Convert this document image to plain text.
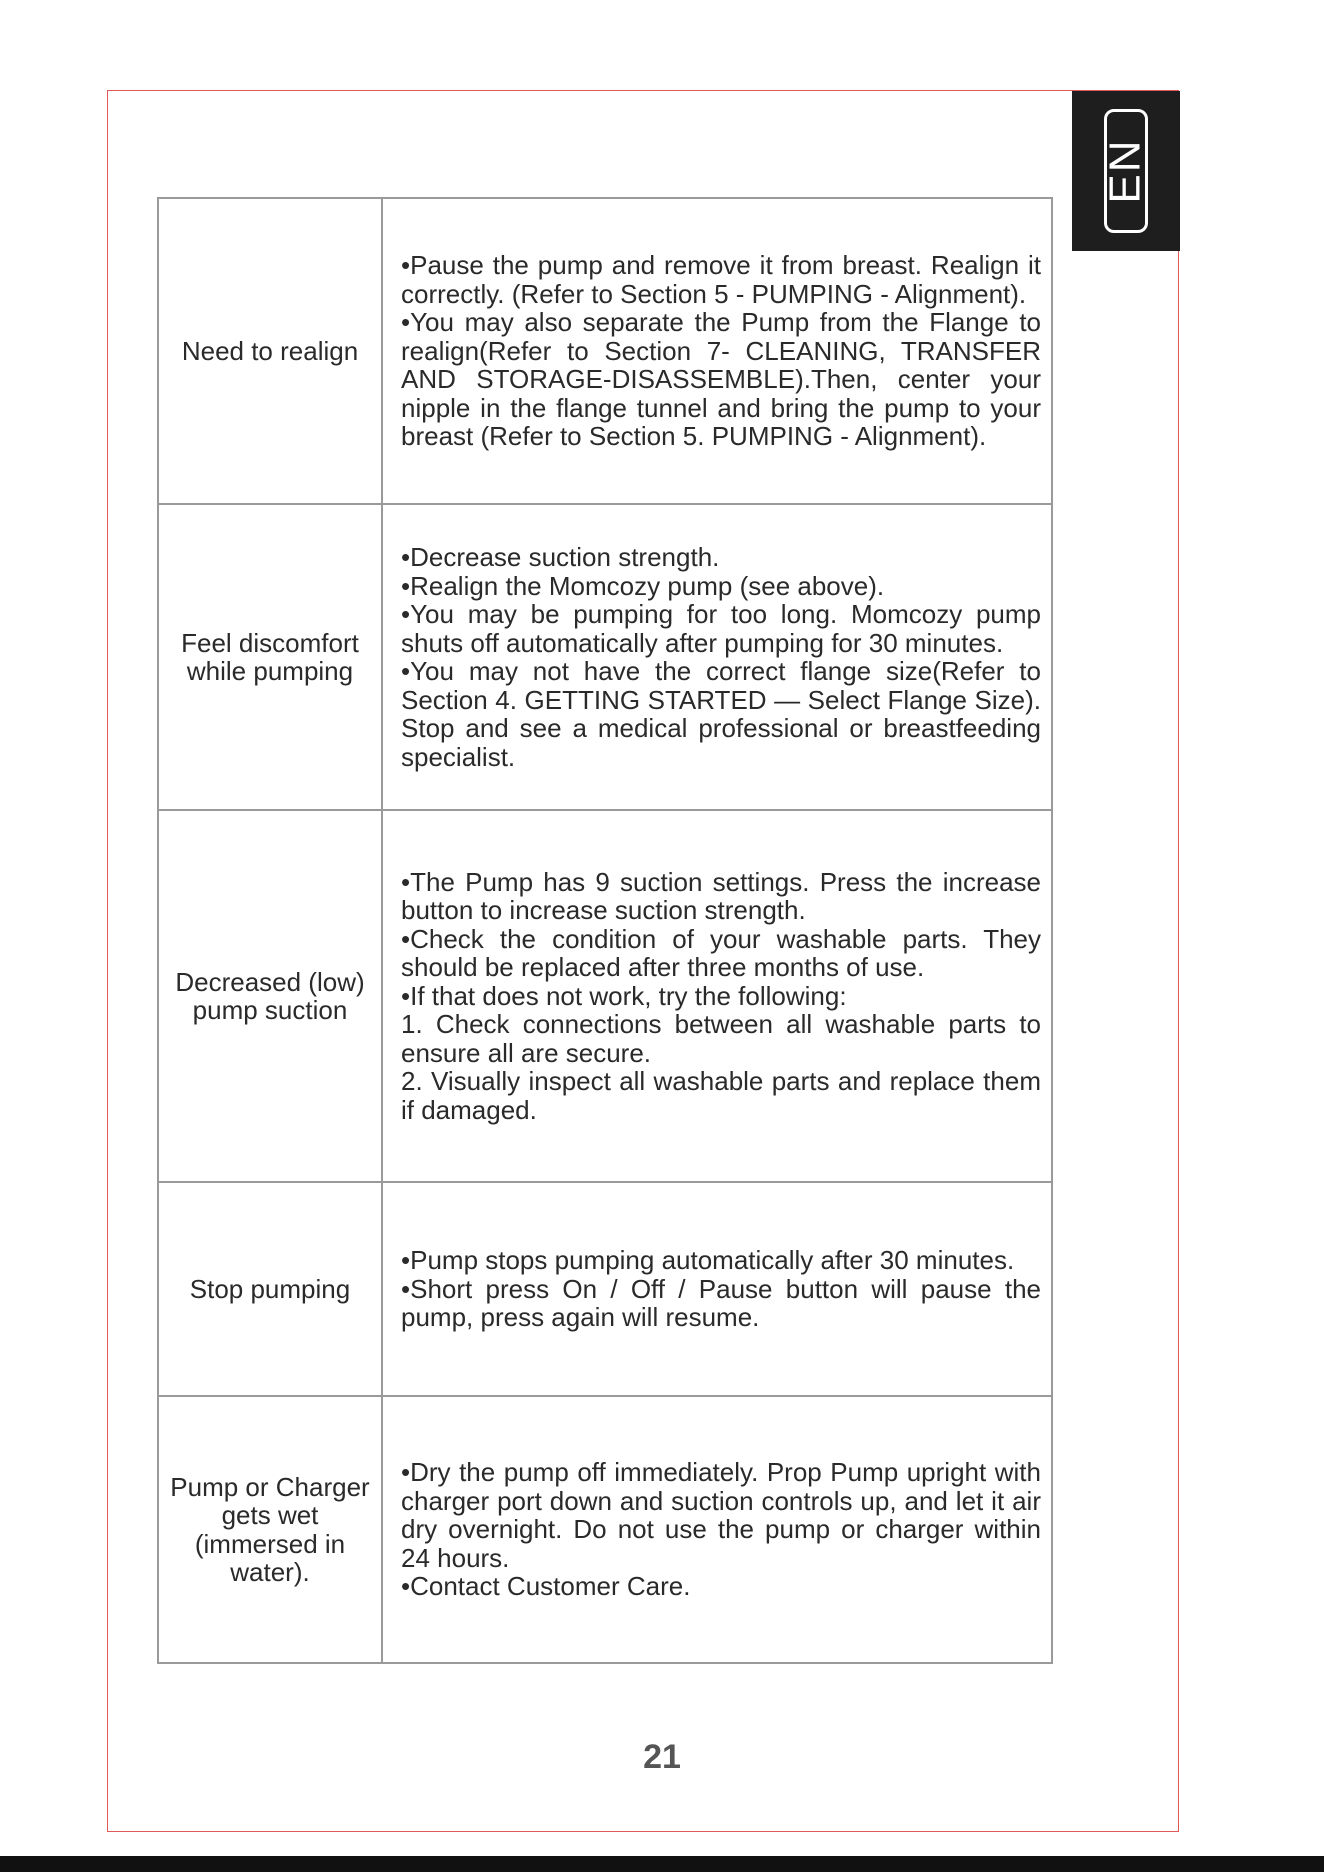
EN
Need to realign	•Pause the pump and remove it from breast. Realign it correctly. (Refer to Section 5 - PUMPING - Alignment).
•You may also separate the Pump from the Flange to realign(Refer to Section 7- CLEANING, TRANSFER AND STORAGE-DISASSEMBLE).Then, center your nipple in the flange tunnel and bring the pump to your breast (Refer to Section 5. PUMPING - Alignment).

Feel discomfort while pumping	•Decrease suction strength.
•Realign the Momcozy pump (see above).
•You may be pumping for too long. Momcozy pump shuts off automatically after pumping for 30 minutes.
•You may not have the correct flange size(Refer to Section 4. GETTING STARTED — Select Flange Size). Stop and see a medical professional or breastfeeding specialist.

Decreased (low) pump suction	•The Pump has 9 suction settings. Press the increase button to increase suction strength.
•Check the condition of your washable parts. They should be replaced after three months of use.
•If that does not work, try the following:
1. Check connections between all washable parts to ensure all are secure.
2. Visually inspect all washable parts and replace them if damaged.

Stop pumping	•Pump stops pumping automatically after 30 minutes.
•Short press On / Off / Pause button will pause the pump, press again will resume.

Pump or Charger gets wet (immersed in water).	•Dry the pump off immediately. Prop Pump upright with charger port down and suction controls up, and let it air dry overnight. Do not use the pump or charger within 24 hours.
•Contact Customer Care.
21
